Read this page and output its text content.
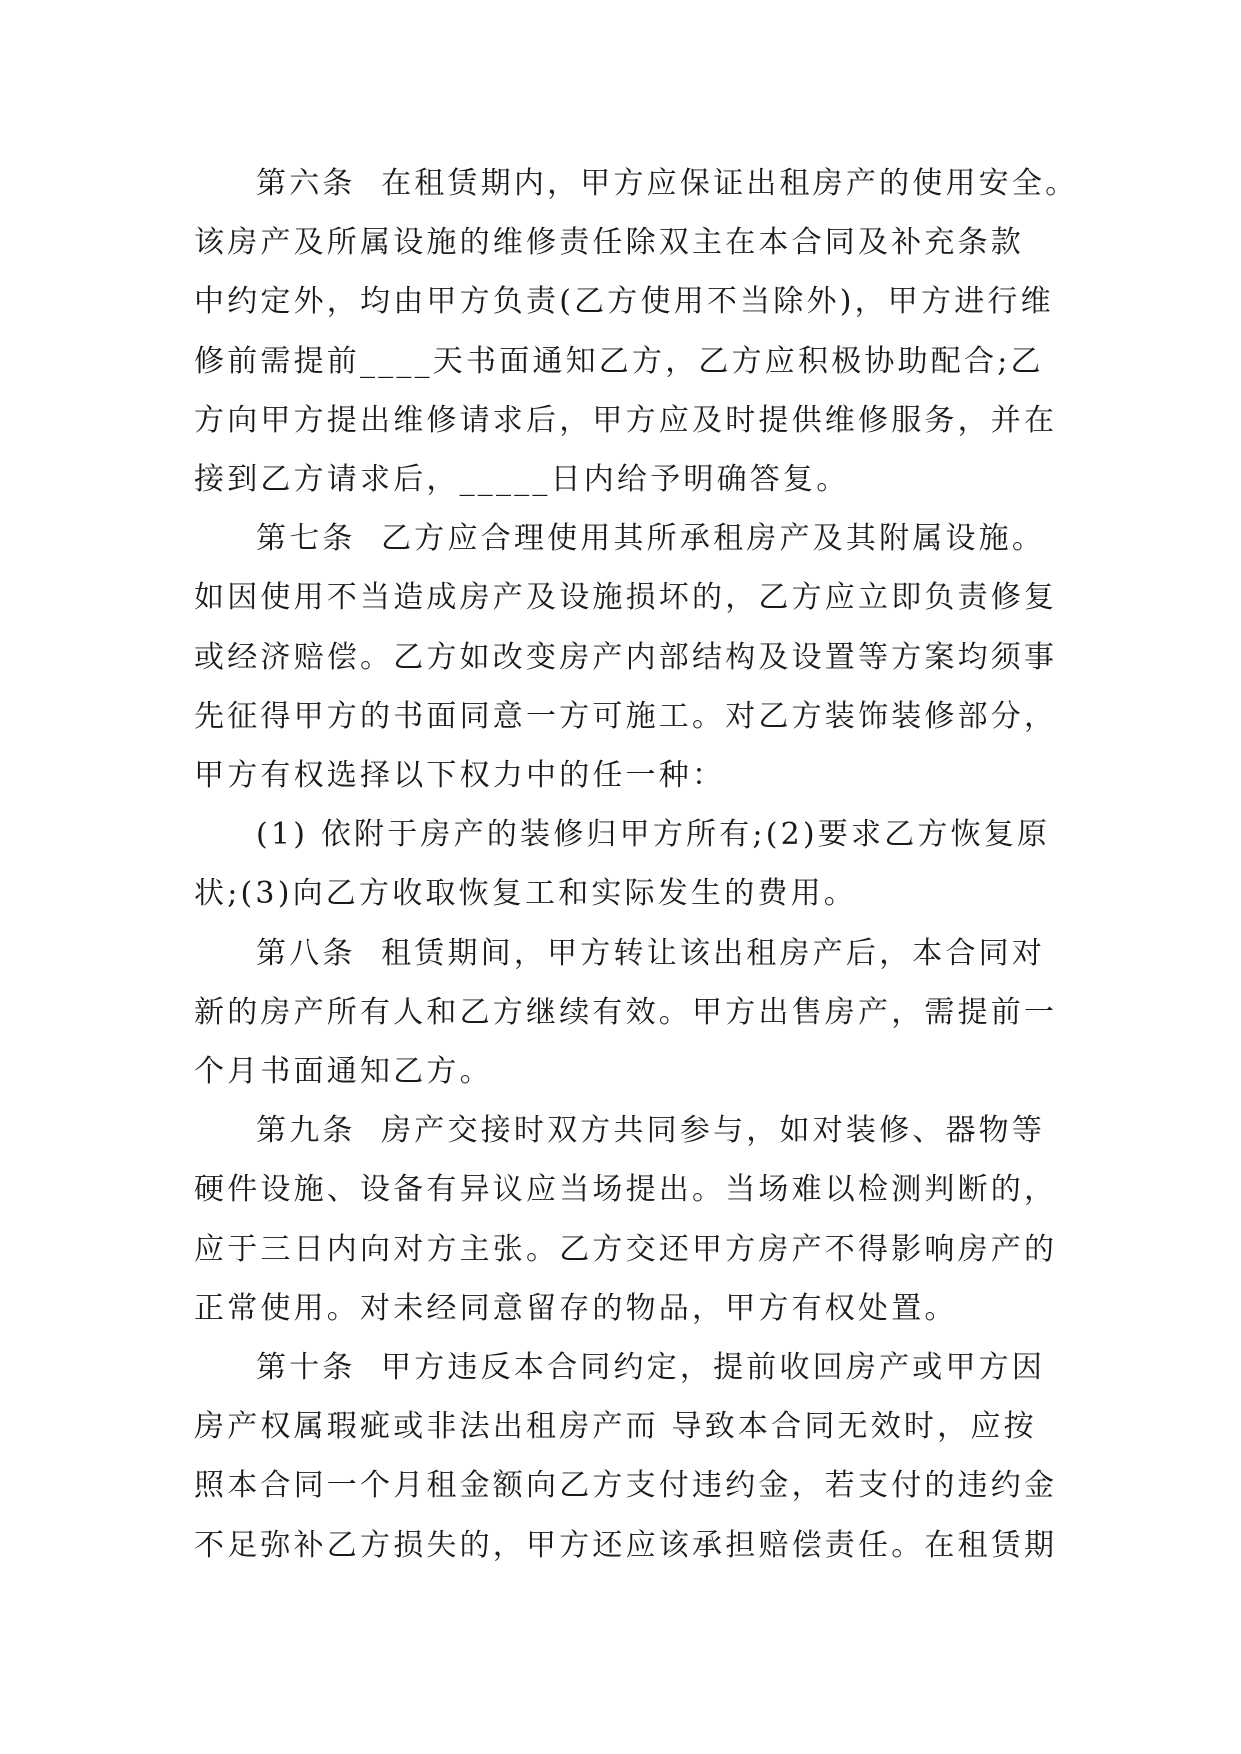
第六条  在租赁期内，甲方应保证出租房产的使用安全。
该房产及所属设施的维修责任除双主在本合同及补充条款
中约定外，均由甲方负责(乙方使用不当除外)，甲方进行维
修前需提前____天书面通知乙方，乙方应积极协助配合;乙
方向甲方提出维修请求后，甲方应及时提供维修服务，并在
接到乙方请求后，_____日内给予明确答复。
第七条  乙方应合理使用其所承租房产及其附属设施。
如因使用不当造成房产及设施损坏的，乙方应立即负责修复
或经济赔偿。乙方如改变房产内部结构及设置等方案均须事
先征得甲方的书面同意一方可施工。对乙方装饰装修部分，
甲方有权选择以下权力中的任一种：
(1) 依附于房产的装修归甲方所有;(2)要求乙方恢复原
状;(3)向乙方收取恢复工和实际发生的费用。
第八条  租赁期间，甲方转让该出租房产后，本合同对
新的房产所有人和乙方继续有效。甲方出售房产，需提前一
个月书面通知乙方。
第九条  房产交接时双方共同参与，如对装修、器物等
硬件设施、设备有异议应当场提出。当场难以检测判断的，
应于三日内向对方主张。乙方交还甲方房产不得影响房产的
正常使用。对未经同意留存的物品，甲方有权处置。
第十条  甲方违反本合同约定，提前收回房产或甲方因
房产权属瑕疵或非法出租房产而 导致本合同无效时，应按
照本合同一个月租金额向乙方支付违约金，若支付的违约金
不足弥补乙方损失的，甲方还应该承担赔偿责任。在租赁期
